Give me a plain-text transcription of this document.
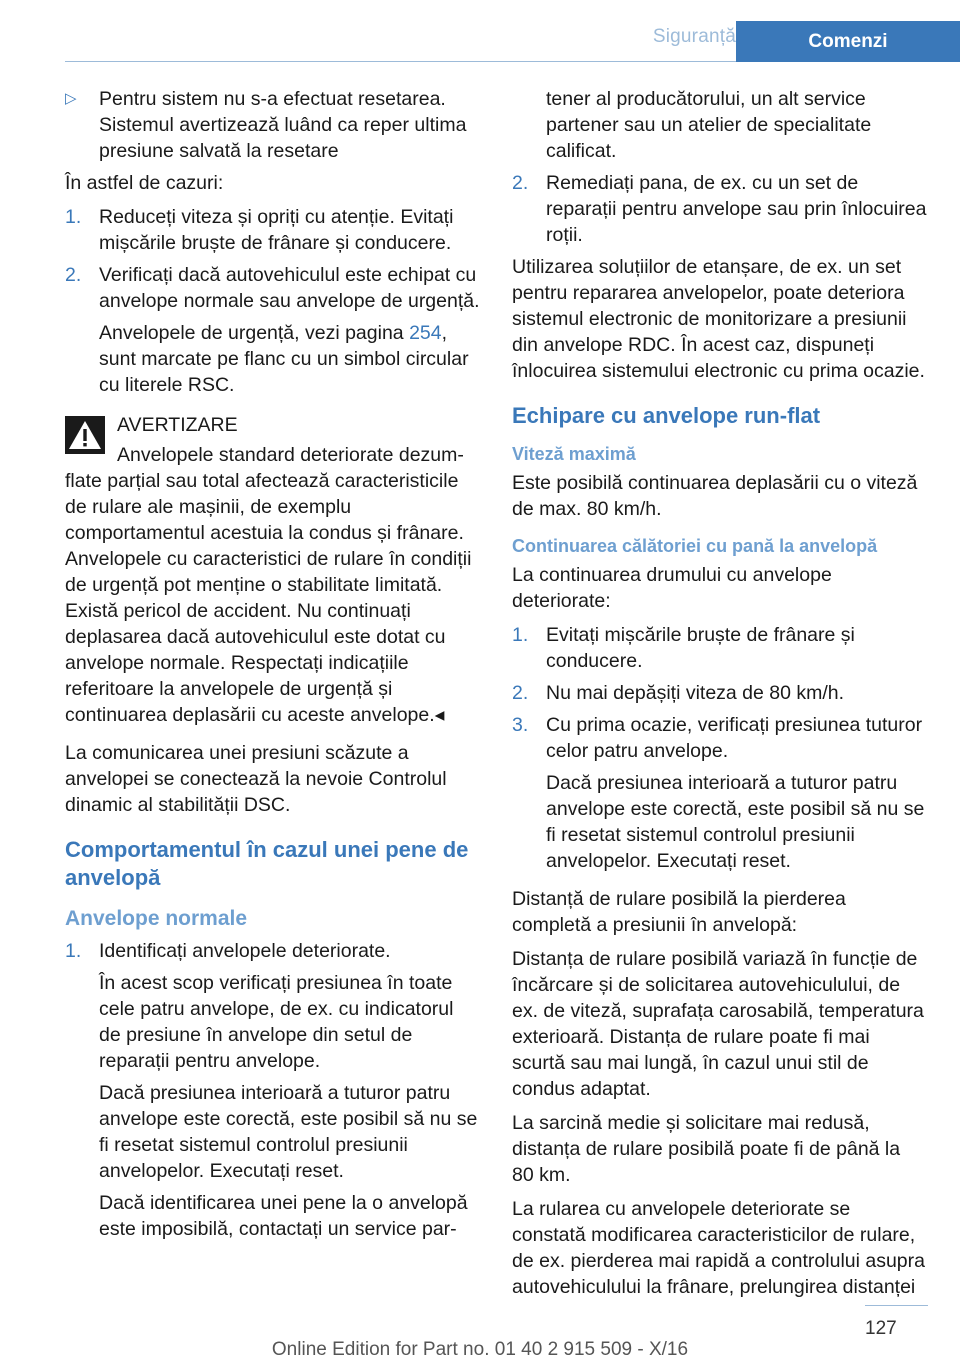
Siguranță	Comenzi
▷	Pentru sistem nu s-a efectuat resetarea. Sistemul avertizează luând ca reper ultima presiune salvată la resetare

În astfel de cazuri:

1. Reduceți viteza și opriți cu atenție. Evitați mișcările bruște de frânare și conducere.
2. Verificați dacă autovehiculul este echipat cu anvelope normale sau anvelope de urgență.

Anvelopele de urgență, vezi pagina 254, sunt marcate pe flanc cu un simbol circular cu literele RSC.

AVERTIZARE
Anvelopele standard deteriorate dezum-
flate parțial sau total afectează caracteristicile de rulare ale mașinii, de exemplu comportamentul acestuia la condus și frânare. Anvelopele cu caracteristici de rulare în condiții de urgență pot menține o stabilitate limitată. Există pericol de accident. Nu continuați deplasarea dacă autovehiculul este dotat cu anvelope normale. Respectați indicațiile referitoare la anvelopele de urgență și continuarea deplasării cu aceste anvelope.◂

La comunicarea unei presiuni scăzute a anvelopei se conectează la nevoie Controlul dinamic al stabilității DSC.

Comportamentul în cazul unei pene de anvelopă
Anvelope normale
1. Identificați anvelopele deteriorate.

În acest scop verificați presiunea în toate cele patru anvelope, de ex. cu indicatorul de presiune în anvelope din setul de reparații pentru anvelope.

Dacă presiunea interioară a tuturor patru anvelope este corectă, este posibil să nu se fi resetat sistemul controlul presiunii anvelopelor. Executați reset.

Dacă identificarea unei pene la o anvelopă este imposibilă, contactați un service par-

tener al producătorului, un alt service partener sau un atelier de specialitate calificat.
2. Remediați pana, de ex. cu un set de reparații pentru anvelope sau prin înlocuirea roții.

Utilizarea soluțiilor de etanșare, de ex. un set pentru repararea anvelopelor, poate deteriora sistemul electronic de monitorizare a presiunii din anvelope RDC. În acest caz, dispuneți înlocuirea sistemului electronic cu prima ocazie.

Echipare cu anvelope run-flat
Viteză maximă

Este posibilă continuarea deplasării cu o viteză de max. 80 km/h.

Continuarea călătoriei cu pană la anvelopă

La continuarea drumului cu anvelope deteriorate:

1. Evitați mișcările bruște de frânare și conducere.
2. Nu mai depășiți viteza de 80 km/h.
3. Cu prima ocazie, verificați presiunea tuturor celor patru anvelope.

Dacă presiunea interioară a tuturor patru anvelope este corectă, este posibil să nu se fi resetat sistemul controlul presiunii anvelopelor. Executați reset.

Distanță de rulare posibilă la pierderea completă a presiunii în anvelopă:

Distanța de rulare posibilă variază în funcție de încărcare și de solicitarea autovehiculului, de ex. de viteză, suprafața carosabilă, temperatura exterioară. Distanța de rulare poate fi mai scurtă sau mai lungă, în cazul unui stil de condus adaptat.

La sarcină medie și solicitare mai redusă, distanța de rulare posibilă poate fi de până la 80 km.

La rularea cu anvelopele deteriorate se constată modificarea caracteristicilor de rulare, de ex. pierderea mai rapidă a controlului asupra autovehiculului la frânare, prelungirea distanței

127
Online Edition for Part no. 01 40 2 915 509 - X/16
